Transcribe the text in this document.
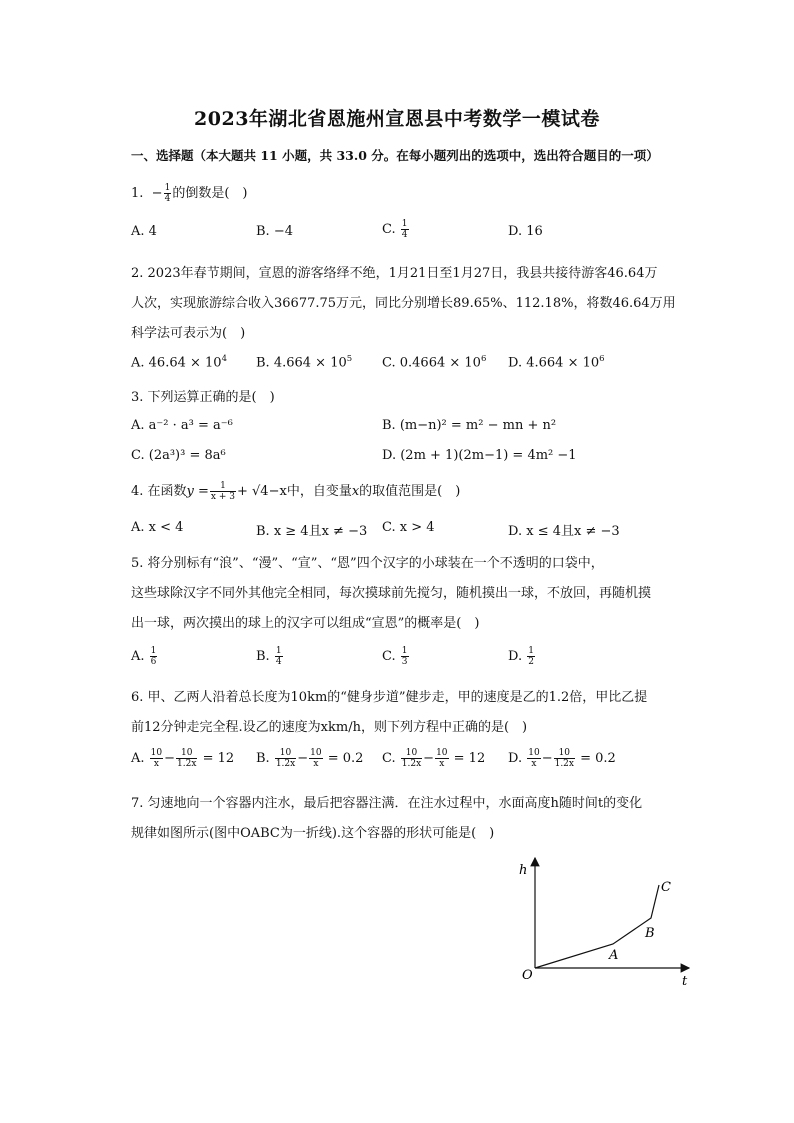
2023年湖北省恩施州宣恩县中考数学一模试卷
一、选择题（本大题共 11 小题，共 33.0 分。在每小题列出的选项中，选出符合题目的一项）
1. − $\frac{1}{4}$ 的倒数是( )
A. 4	B. −4	C. $\frac{1}{4}$	D. 16
2. 2023年春节期间，宣恩的游客络绎不绝，1月21日至1月27日，我县共接待游客46.64万
人次，实现旅游综合收入36677.75万元，同比分别增长89.65%、112.18%，将数46.64万用
科学法可表示为( )
A. $46.64 \times 10^4$ B. $4.664 \times 10^5$ C. $0.4664 \times 10^6$ D. $4.664 \times 10^6$
3. 下列运算正确的是( )
A. a⁻² · a³ = a⁻⁶	B. (m−n)² = m² − mn + n²
C. (2a³)³ = 8a⁶	D. (2m + 1)(2m−1) = 4m² −1
4. 在函数$y = \frac{1}{x + 3} + √4-x$中，自变量x的取值范围是( )
A. x < 4	B. x ≥ 4且x ≠ −3 C. x > 4	D. x ≤ 4且x ≠ −3
5. 将分别标有“浪”、“漫”、“宣”、“恩”四个汉字的小球装在一个不透明的口袋中，
这些球除汉字不同外其他完全相同，每次摸球前先搅匀，随机摸出一球，不放回，再随机摸
出一球，两次摸出的球上的汉字可以组成“宣恩”的概率是( )
A. $\frac{1}{6}$	B. $\frac{1}{4}$	C. $\frac{1}{3}$	D. $\frac{1}{2}$
6. 甲、乙两人沿着总长度为10km的“健身步道”健步走，甲的速度是乙的1.2倍，甲比乙提
前12分钟走完全程.设乙的速度为xkm/h，则下列方程中正确的是( )
A. $\frac{10}{x} - \frac{10}{1.2x} = 12$ B. $\frac{10}{1.2x} - \frac{10}{x} = 0.2$ C. $\frac{10}{1.2x} - \frac{10}{x} = 12$ D. $\frac{10}{x} - \frac{10}{1.2x} = 0.2$
7. 匀速地向一个容器内注水，最后把容器注满．在注水过程中，水面高度h随时间t的变化
规律如图所示(图中OABC为一折线).这个容器的形状可能是( )
h
t
O
A
B
C
